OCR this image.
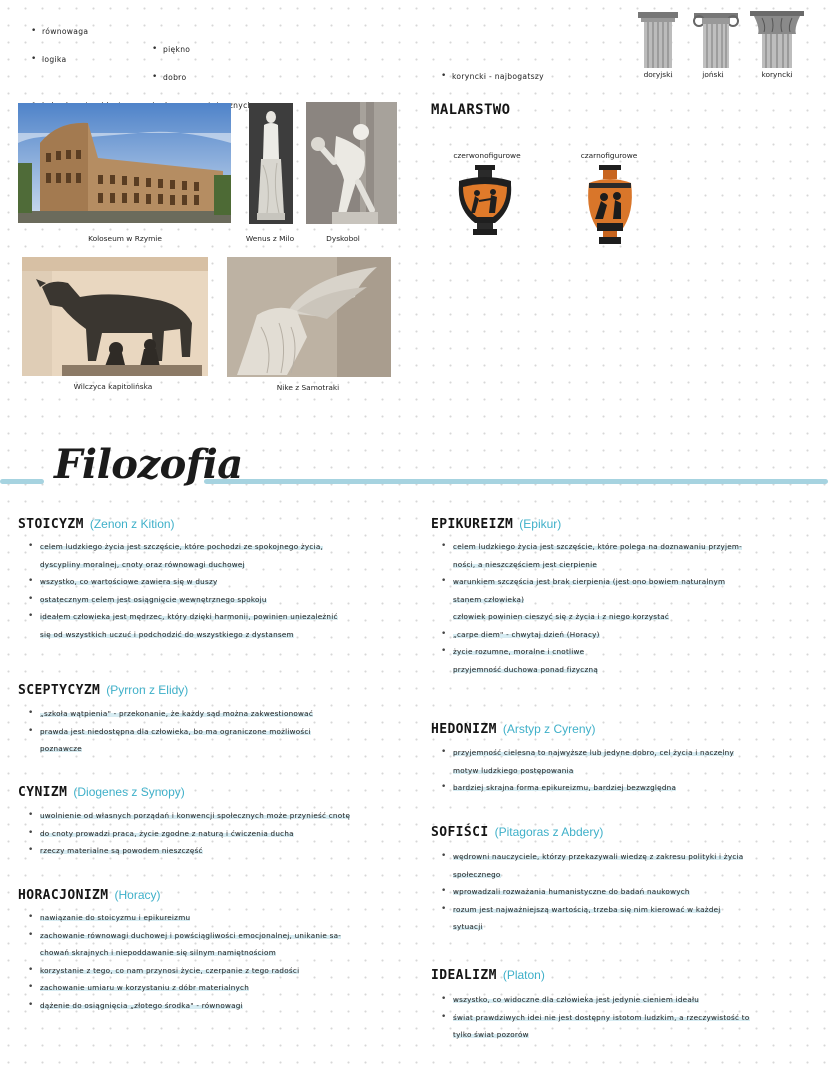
• równowaga
• logika
• piękno
• dobro
•
•	koryncki - najbogatszy	doryjski	joński	koryncki
Koloseum w Rzymie	Wenus z Milo	Dyskobol
Wilczyca kapitolińska	Nike z Samotraki
MALARSTWO
czerwonofigurowe	czarnofigurowe
Filozofia
STOICYZM (Zenon z Kition)
• celem ludzkiego życia jest szczęście, które pochodzi ze spokojnego życia,
dyscypliny moralnej, cnoty oraz równowagi duchowej
• wszystko, co wartościowe zawiera się w duszy
• ostatecznym celem jest osiągnięcie wewnętrznego spokoju
• ideałem człowieka jest mędrzec, który dzięki harmonii, powinien uniezależnić
się od wszystkich uczuć i podchodzić do wszystkiego z dystansem
SCEPTYCYZM (Pyrron z Elidy)
• „szkoła wątpienia" - przekonanie, że każdy sąd można zakwestionować
• prawda jest niedostępna dla człowieka, bo ma ograniczone możliwości
poznawcze
CYNIZM (Diogenes z Synopy)
• uwolnienie od własnych porządań i konwencji społecznych może przynieść cnotę
• do cnoty prowadzi praca, życie zgodne z naturą i ćwiczenia ducha
• rzeczy materialne są powodem nieszczęść
HORACJONIZM (Horacy)
• nawiązanie do stoicyzmu i epikureizmu
• zachowanie równowagi duchowej i powściągliwości emocjonalnej, unikanie sa-
chowań skrajnych i niepoddawanie się silnym namiętnościom
• korzystanie z tego, co nam przynosi życie, czerpanie z tego radości
• zachowanie umiaru w korzystaniu z dóbr materialnych
• dążenie do osiągnięcia „złotego środka" - równowagi
EPIKUREIZM (Epikur)
• celem ludzkiego życia jest szczęście, które polega na doznawaniu przyjem-
ności, a nieszczęściem jest cierpienie
• warunkiem szczęścia jest brak cierpienia (jest ono bowiem naturalnym
stanem człowieka)
człowiek powinien cieszyć się z życia i z niego korzystać
• „carpe diem" - chwytaj dzień (Horacy)
• życie rozumne, moralne i cnotliwe
przyjemność duchowa ponad fizyczną
HEDONIZM (Arstyp z Cyreny)
• przyjemność cielesna to najwyższe lub jedyne dobro, cel życia i naczelny
motyw ludzkiego postępowania
• bardziej skrajna forma epikureizmu, bardziej bezwzględna
SOFIŚCI (Pitagoras z Abdery)
• wędrowni nauczyciele, którzy przekazywali wiedzę z zakresu polityki i życia
społecznego
• wprowadzali rozważania humanistyczne do badań naukowych
• rozum jest najważniejszą wartością, trzeba się nim kierować w każdej
sytuacji
IDEALIZM (Platon)
• wszystko, co widoczne dla człowieka jest jedynie cieniem ideału
• świat prawdziwych idei nie jest dostępny istotom ludzkim, a rzeczywistość to
tylko świat pozorów
